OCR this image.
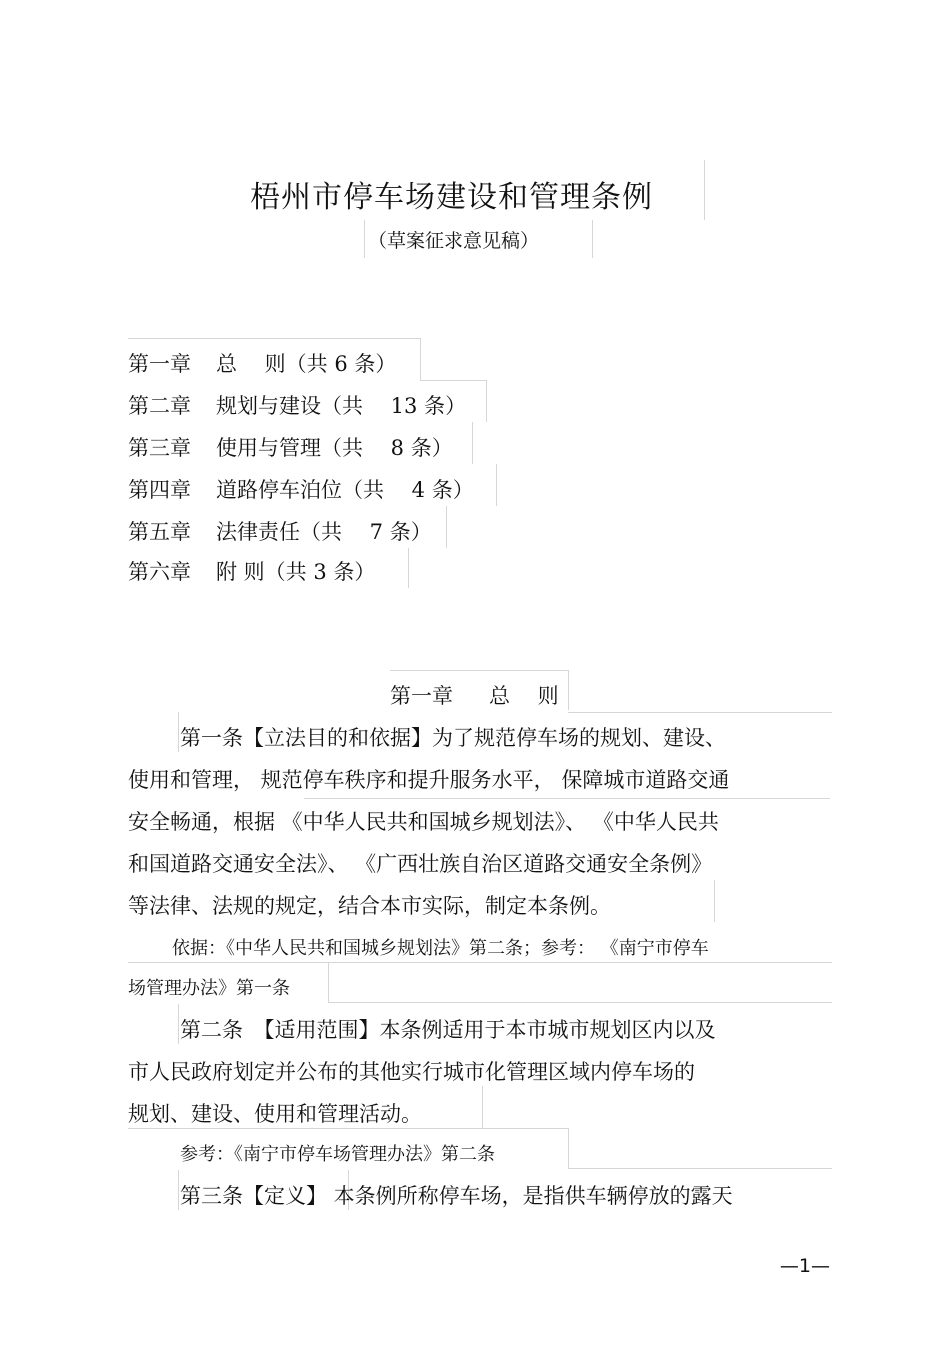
梧州市停车场建设和管理条例
（草案征求意见稿）
第一章 总　 则（共 6 条）
第二章 规划与建设（共　 13 条）
第三章 使用与管理（共　 8 条）
第四章 道路停车泊位（共　 4 条）
第五章 法律责任（共　 7 条）
第六章 附 则（共 3 条）
第一章 总　 则
第一条【立法目的和依据】为了规范停车场的规划、建设、
使用和管理， 规范停车秩序和提升服务水平， 保障城市道路交通
安全畅通，根据 《中华人民共和国城乡规划法》、 《中华人民共
和国道路交通安全法》、 《广西壮族自治区道路交通安全条例》
等法律、法规的规定，结合本市实际，制定本条例。
依据：《中华人民共和国城乡规划法》第二条；参考： 《南宁市停车
场管理办法》第一条
第二条　【适用范围】本条例适用于本市城市规划区内以及
市人民政府划定并公布的其他实行城市化管理区域内停车场的
规划、建设、使用和管理活动。
参考：《南宁市停车场管理办法》第二条
第三条【定义】 本条例所称停车场，是指供车辆停放的露天
—1—
